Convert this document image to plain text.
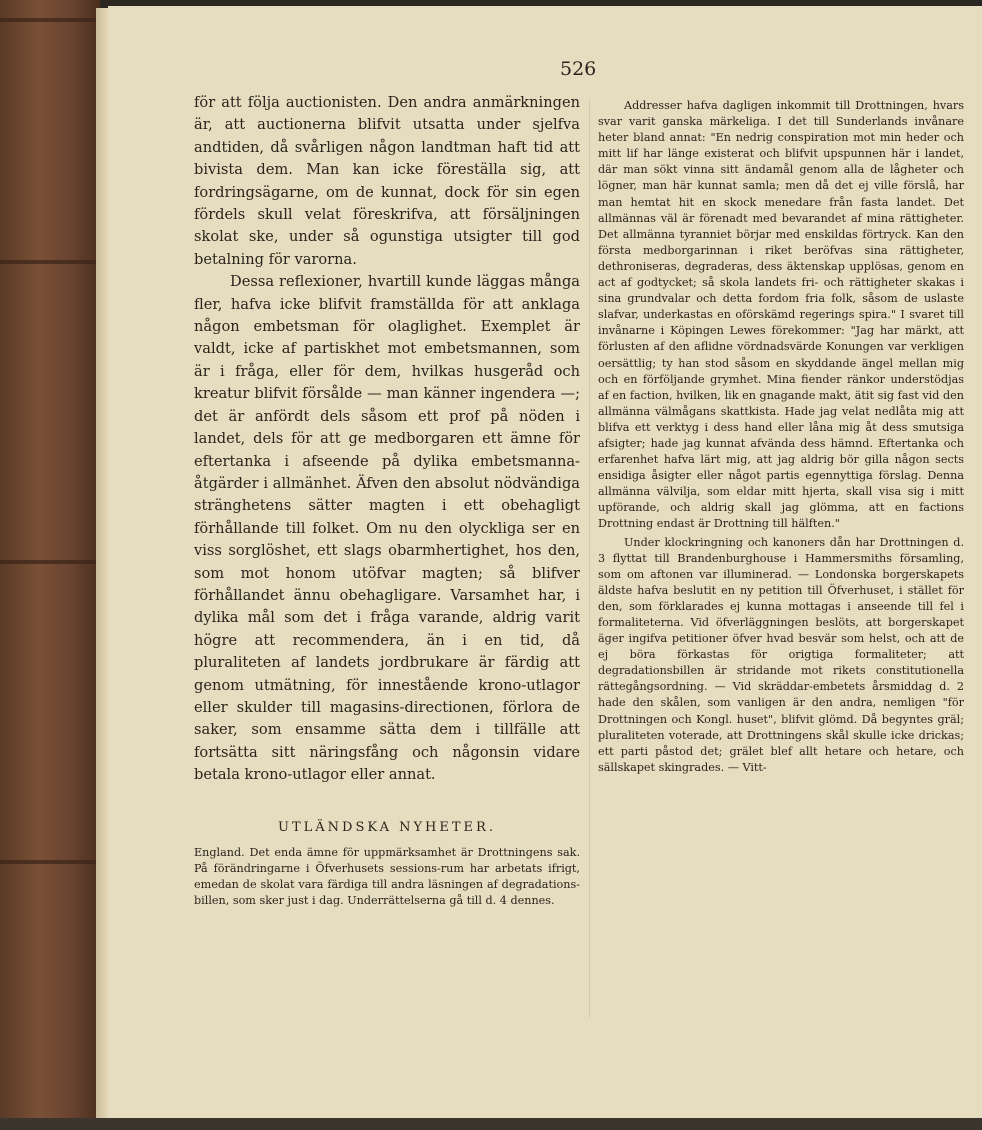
526

för att följa auctionisten. Den andra anmärkningen är, att auctionerna blifvit utsatta under sjelfva andtiden, då svårligen någon landtman haft tid att bivista dem. Man kan icke föreställa sig, att fordringsägarne, om de kunnat, dock för sin egen fördels skull velat föreskrifva, att försäljningen skolat ske, under så ogunstiga utsigter till god betalning för varorna.

Dessa reflexioner, hvartill kunde läggas många fler, hafva icke blifvit framställda för att anklaga någon embetsman för olaglighet. Exemplet är valdt, icke af partiskhet mot embetsmannen, som är i fråga, eller för dem, hvilkas husgeråd och kreatur blifvit försålde — man känner ingendera —; det är anfördt dels såsom ett prof på nöden i landet, dels för att ge medborgaren ett ämne för eftertanka i afseende på dylika embetsmanna-åtgärder i allmänhet. Äfven den absolut nödvändiga stränghetens sätter magten i ett obehagligt förhållande till folket. Om nu den olyckliga ser en viss sorglöshet, ett slags obarmhertighet, hos den, som mot honom utöfvar magten; så blifver förhållandet ännu obehagligare. Varsamhet har, i dylika mål som det i fråga varande, aldrig varit högre att recommendera, än i en tid, då pluraliteten af landets jordbrukare är färdig att genom utmätning, för innestående krono-utlagor eller skulder till magasins-directionen, förlora de saker, som ensamme sätta dem i tillfälle att fortsätta sitt näringsfång och någonsin vidare betala krono-utlagor eller annat.

UTLÄNDSKA NYHETER.

England. Det enda ämne för uppmärksamhet är Drottningens sak. På förändringarne i Öfverhusets sessions-rum har arbetats ifrigt, emedan de skolat vara färdiga till andra läsningen af degradations-billen, som sker just i dag. Underrättelserna gå till d. 4 dennes.

Addresser hafva dagligen inkommit till Drottningen, hvars svar varit ganska märkeliga. I det till Sunderlands invånare heter bland annat: "En nedrig conspiration mot min heder och mitt lif har länge existerat och blifvit upspunnen här i landet, där man sökt vinna sitt ändamål genom alla de lågheter och lögner, man här kunnat samla; men då det ej ville förslå, har man hemtat hit en skock menedare från fasta landet. Det allmännas väl är förenadt med bevarandet af mina rättigheter. Det allmänna tyranniet börjar med enskildas förtryck. Kan den första medborgarinnan i riket beröfvas sina rättigheter, dethroniseras, degraderas, dess äktenskap upplösas, genom en act af godtycket; så skola landets fri- och rättigheter skakas i sina grundvalar och detta fordom fria folk, såsom de uslaste slafvar, underkastas en oförskämd regerings spira." I svaret till invånarne i Köpingen Lewes förekommer: "Jag har märkt, att förlusten af den aflidne vördnadsvärde Konungen var verkligen oersättlig; ty han stod såsom en skyddande ängel mellan mig och en förföljande grymhet. Mina fiender ränkor understödjas af en faction, hvilken, lik en gnagande makt, ätit sig fast vid den allmänna välmågans skattkista. Hade jag velat nedlåta mig att blifva ett verktyg i dess hand eller låna mig åt dess smutsiga afsigter; hade jag kunnat afvända dess hämnd. Eftertanka och erfarenhet hafva lärt mig, att jag aldrig bör gilla någon sects ensidiga åsigter eller något partis egennyttiga förslag. Denna allmänna välvilja, som eldar mitt hjerta, skall visa sig i mitt upförande, och aldrig skall jag glömma, att en factions Drottning endast är Drottning till hälften."

Under klockringning och kanoners dån har Drottningen d. 3 flyttat till Brandenburghouse i Hammersmiths församling, som om aftonen var illuminerad. — Londonska borgerskapets äldste hafva beslutit en ny petition till Öfverhuset, i stället för den, som förklarades ej kunna mottagas i anseende till fel i formaliteterna. Vid öfverläggningen beslöts, att borgerskapet äger ingifva petitioner öfver hvad besvär som helst, och att de ej böra förkastas för origtiga formaliteter; att degradationsbillen är stridande mot rikets constitutionella rättegångsordning. — Vid skräddar-embetets årsmiddag d. 2 hade den skålen, som vanligen är den andra, nemligen "för Drottningen och Kongl. huset", blifvit glömd. Då begyntes gräl; pluraliteten voterade, att Drottningens skål skulle icke drickas; ett parti påstod det; grälet blef allt hetare och hetare, och sällskapet skingrades. — Vitt-
